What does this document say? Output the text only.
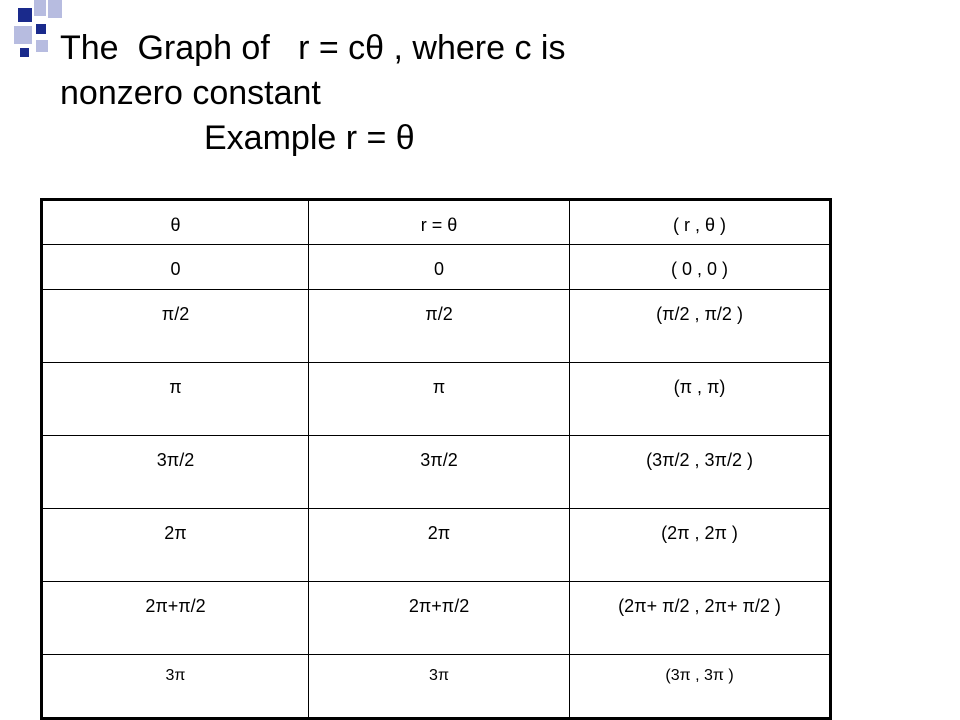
The  Graph of   r = cθ , where c is
nonzero constant
Example r = θ
θ	r = θ	( r , θ )
0	0	( 0 , 0 )
π/2	π/2	(π/2 , π/2 )
π	π	(π , π)
3π/2	3π/2	(3π/2 , 3π/2 )
2π	2π	(2π , 2π )
2π+π/2	2π+π/2	(2π+ π/2 , 2π+ π/2 )
3π	3π	(3π , 3π )
